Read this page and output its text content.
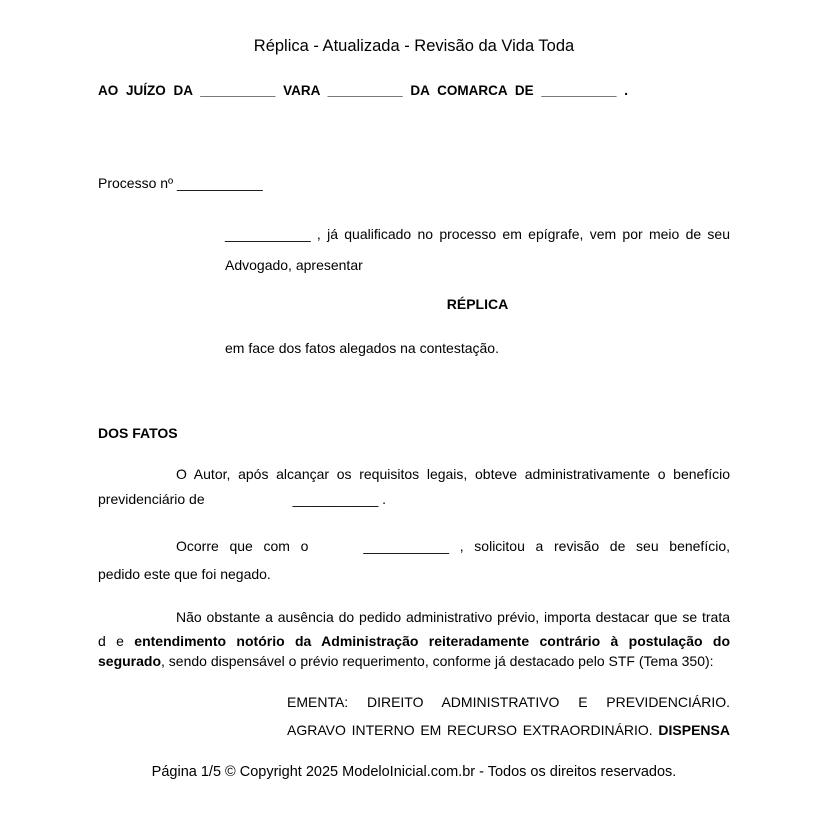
Réplica - Atualizada - Revisão da Vida Toda
AO JUÍZO DA __________ VARA __________ DA COMARCA DE __________ .
Processo nº ___________
___________ , já qualificado no processo em epígrafe, vem por meio de seu
Advogado, apresentar
RÉPLICA
em face dos fatos alegados na contestação.
DOS FATOS
O Autor, após alcançar os requisitos legais, obteve administrativamente o benefício
previdenciário de	___________ .
Ocorre que com o	___________ , solicitou a revisão de seu benefício,
pedido este que foi negado.
Não obstante a ausência do pedido administrativo prévio, importa destacar que se trata
d e entendimento notório da Administração reiteradamente contrário à postulação do
segurado, sendo dispensável o prévio requerimento, conforme já destacado pelo STF (Tema 350):
EMENTA: DIREITO ADMINISTRATIVO E PREVIDENCIÁRIO.
AGRAVO INTERNO EM RECURSO EXTRAORDINÁRIO. DISPENSA
Página 1/5 © Copyright 2025 ModeloInicial.com.br - Todos os direitos reservados.
